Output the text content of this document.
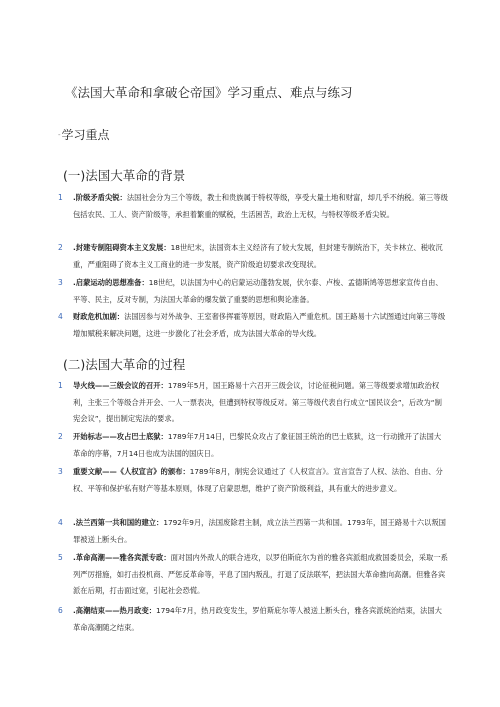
《法国大革命和拿破仑帝国》学习重点、难点与练习
-学习重点
(一)法国大革命的背景
1 .阶级矛盾尖锐：法国社会分为三个等级，教士和贵族属于特权等级，享受大量土地和财富，却几乎不纳税。第三等级包括农民、工人、资产阶级等，承担着繁重的赋税，生活困苦，政治上无权，与特权等级矛盾尖锐。
2 .封建专制阻碍资本主义发展：18世纪末，法国资本主义经济有了较大发展，但封建专制统治下，关卡林立、税收沉重，严重阻碍了资本主义工商业的进一步发展，资产阶级迫切要求改变现状。
3 .启蒙运动的思想准备：18世纪，以法国为中心的启蒙运动蓬勃发展，伏尔泰、卢梭、孟德斯鸠等思想家宣传自由、平等、民主，反对专制，为法国大革命的爆发做了重要的思想和舆论准备。
4 财政危机加剧：法国因参与对外战争、王室奢侈挥霍等原因，财政陷入严重危机。国王路易十六试图通过向第三等级增加赋税来解决问题，这进一步激化了社会矛盾，成为法国大革命的导火线。
(二)法国大革命的过程
1 导火线——三级会议的召开：1789年5月，国王路易十六召开三级会议，讨论征税问题。第三等级要求增加政治权利，主张三个等级合并开会、一人一票表决，但遭到特权等级反对。第三等级代表自行成立“国民议会”，后改为“制宪会议”，提出制定宪法的要求。
2 开始标志——攻占巴士底狱：1789年7月14日，巴黎民众攻占了象征国王统治的巴士底狱，这一行动掀开了法国大革命的序幕，7月14日也成为法国的国庆日。
3 重要文献——《人权宣言》的颁布：1789年8月，制宪会议通过了《人权宣言》。宣言宣告了人权、法治、自由、分权、平等和保护私有财产等基本原则，体现了启蒙思想，维护了资产阶级利益，具有重大的进步意义。
4 .法兰西第一共和国的建立：1792年9月，法国废除君主制，成立法兰西第一共和国。1793年，国王路易十六以叛国罪被送上断头台。
5 .革命高潮——雅各宾派专政：面对国内外敌人的联合进攻，以罗伯斯庇尔为首的雅各宾派组成救国委员会，采取一系列严厉措施，如打击投机商、严惩反革命等，平息了国内叛乱，打退了反法联军，把法国大革命推向高潮。但雅各宾派在后期，打击面过宽，引起社会恐慌。
6 .高潮结束——热月政变：1794年7月，热月政变发生，罗伯斯庇尔等人被送上断头台，雅各宾派统治结束，法国大革命高潮随之结束。
